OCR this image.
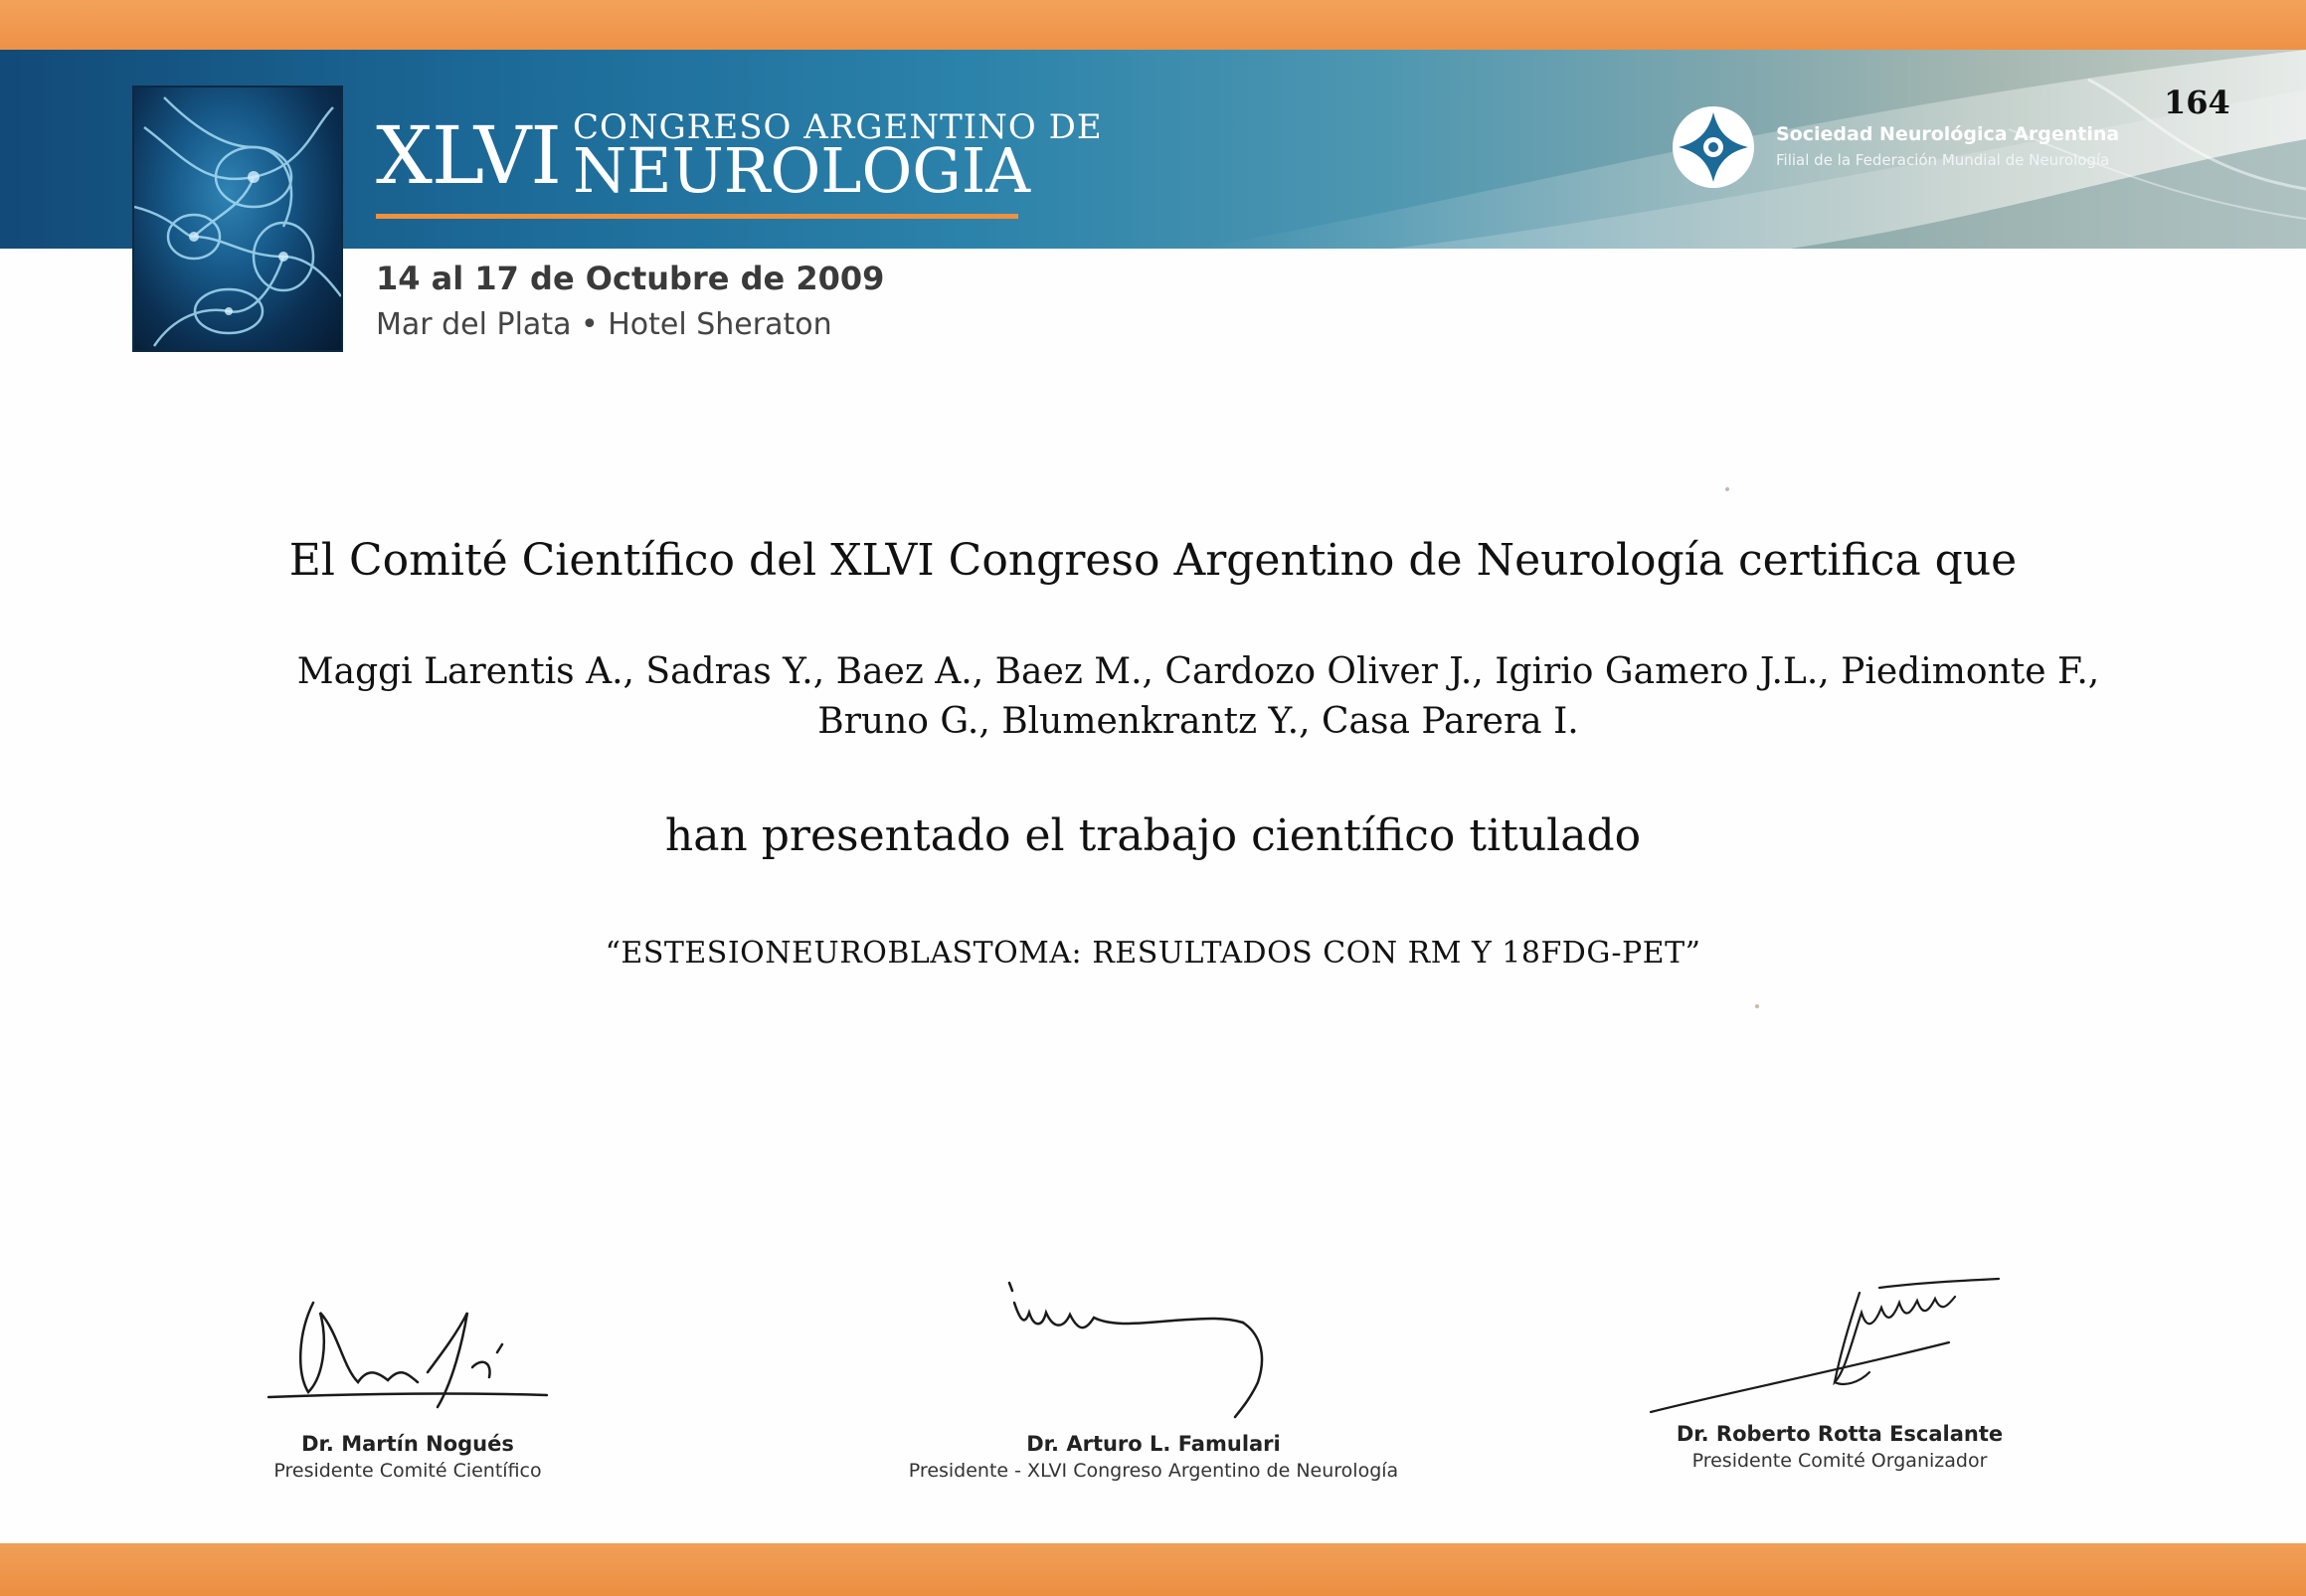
XLVI CONGRESO ARGENTINO DE
NEUROLOGIA
14 al 17 de Octubre de 2009
Mar del Plata • Hotel Sheraton
Sociedad Neurológica Argentina
Filial de la Federación Mundial de Neurología
164
El Comité Científico del XLVI Congreso Argentino de Neurología certifica que
Maggi Larentis A., Sadras Y., Baez A., Baez M., Cardozo Oliver J., Igirio Gamero J.L., Piedimonte F., Bruno G., Blumenkrantz Y., Casa Parera I.
han presentado el trabajo científico titulado
“ESTESIONEUROBLASTOMA: RESULTADOS CON RM Y 18FDG-PET”
Dr. Martín Nogués
Presidente Comité Científico
Dr. Arturo L. Famulari
Presidente - XLVI Congreso Argentino de Neurología
Dr. Roberto Rotta Escalante
Presidente Comité Organizador
